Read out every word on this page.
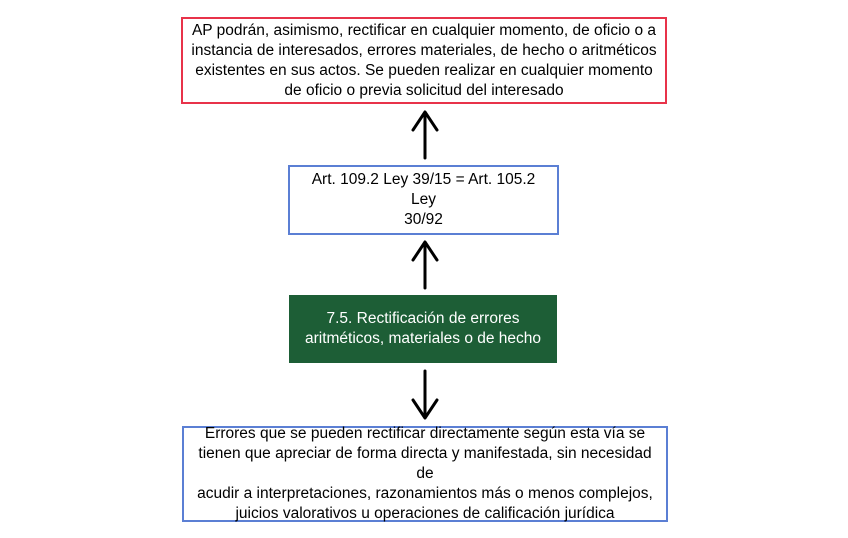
AP podrán, asimismo, rectificar en cualquier momento, de oficio o a
instancia de interesados, errores materiales, de hecho o aritméticos
existentes en sus actos. Se pueden realizar en cualquier momento
de oficio o previa solicitud del interesado
Art. 109.2 Ley 39/15 = Art. 105.2 Ley
30/92
7.5. Rectificación de errores
aritméticos, materiales o de hecho
Errores que se pueden rectificar directamente según esta vía se
tienen que apreciar de forma directa y manifestada, sin necesidad de
acudir a interpretaciones, razonamientos más o menos complejos,
juicios valorativos u operaciones de calificación jurídica
